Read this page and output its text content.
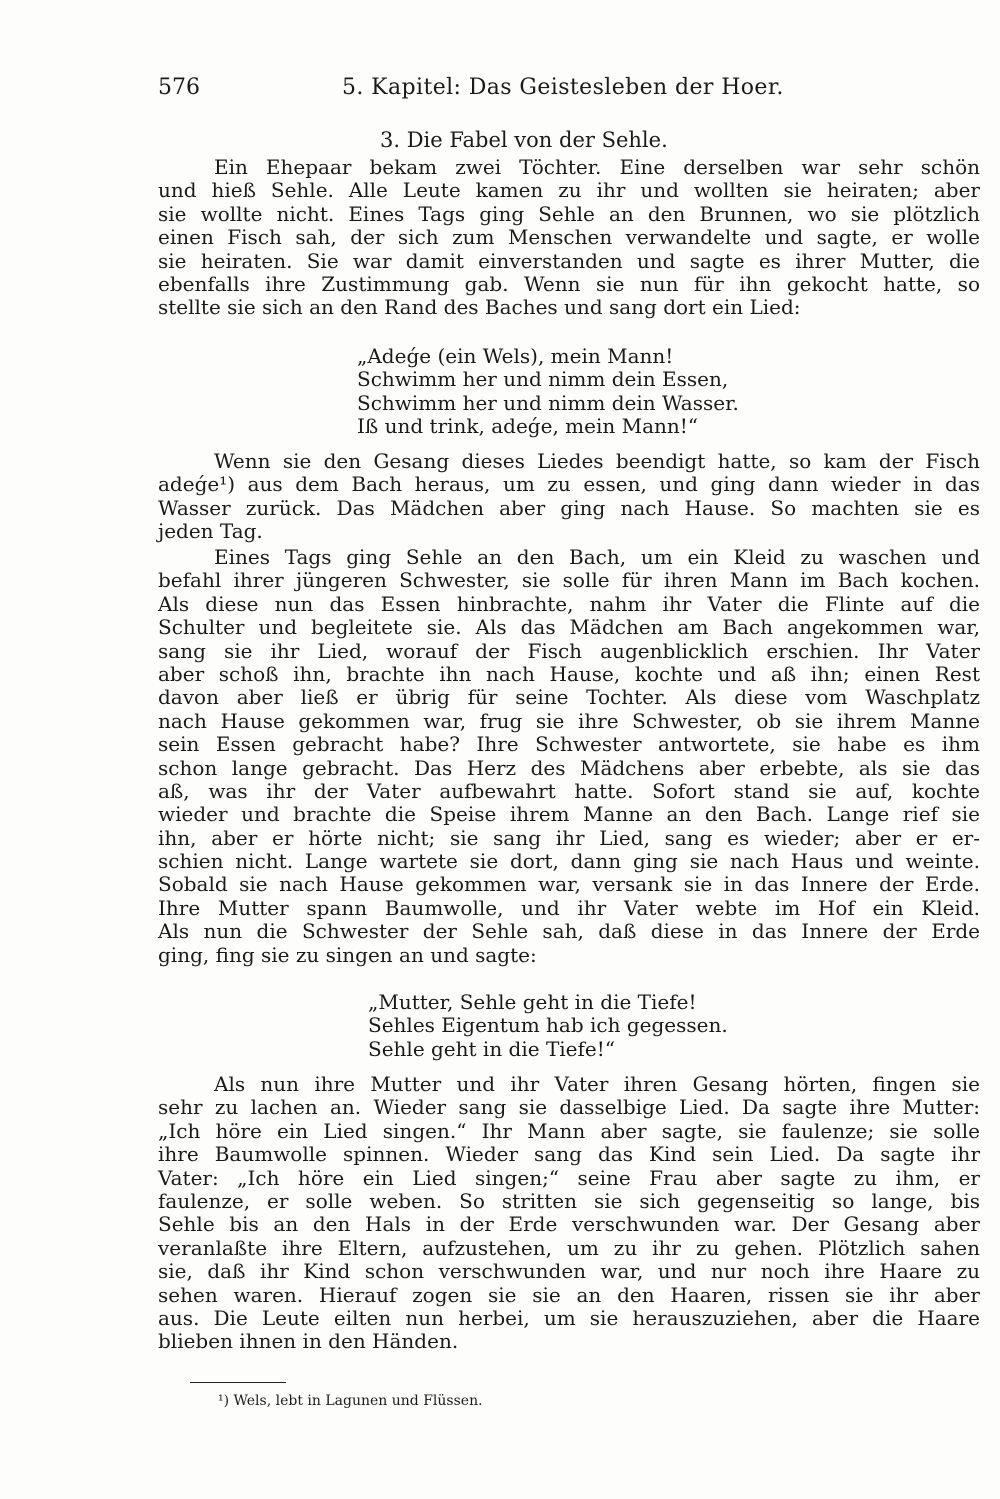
576	5. Kapitel: Das Geistesleben der Hoer.
3. Die Fabel von der Sehle.
Ein Ehepaar bekam zwei Töchter. Eine derselben war sehr schön
und hieß Sehle. Alle Leute kamen zu ihr und wollten sie heiraten; aber
sie wollte nicht. Eines Tags ging Sehle an den Brunnen, wo sie plötzlich
einen Fisch sah, der sich zum Menschen verwandelte und sagte, er wolle
sie heiraten. Sie war damit einverstanden und sagte es ihrer Mutter, die
ebenfalls ihre Zustimmung gab. Wenn sie nun für ihn gekocht hatte, so
stellte sie sich an den Rand des Baches und sang dort ein Lied:
„Adeǵe (ein Wels), mein Mann!
Schwimm her und nimm dein Essen,
Schwimm her und nimm dein Wasser.
Iß und trink, adeǵe, mein Mann!“
Wenn sie den Gesang dieses Liedes beendigt hatte, so kam der Fisch
adeǵe¹) aus dem Bach heraus, um zu essen, und ging dann wieder in das
Wasser zurück. Das Mädchen aber ging nach Hause. So machten sie es
jeden Tag.
Eines Tags ging Sehle an den Bach, um ein Kleid zu waschen und
befahl ihrer jüngeren Schwester, sie solle für ihren Mann im Bach kochen.
Als diese nun das Essen hinbrachte, nahm ihr Vater die Flinte auf die
Schulter und begleitete sie. Als das Mädchen am Bach angekommen war,
sang sie ihr Lied, worauf der Fisch augenblicklich erschien. Ihr Vater
aber schoß ihn, brachte ihn nach Hause, kochte und aß ihn; einen Rest
davon aber ließ er übrig für seine Tochter. Als diese vom Waschplatz
nach Hause gekommen war, frug sie ihre Schwester, ob sie ihrem Manne
sein Essen gebracht habe? Ihre Schwester antwortete, sie habe es ihm
schon lange gebracht. Das Herz des Mädchens aber erbebte, als sie das
aß, was ihr der Vater aufbewahrt hatte. Sofort stand sie auf, kochte
wieder und brachte die Speise ihrem Manne an den Bach. Lange rief sie
ihn, aber er hörte nicht; sie sang ihr Lied, sang es wieder; aber er er-
schien nicht. Lange wartete sie dort, dann ging sie nach Haus und weinte.
Sobald sie nach Hause gekommen war, versank sie in das Innere der Erde.
Ihre Mutter spann Baumwolle, und ihr Vater webte im Hof ein Kleid.
Als nun die Schwester der Sehle sah, daß diese in das Innere der Erde
ging, fing sie zu singen an und sagte:
„Mutter, Sehle geht in die Tiefe!
Sehles Eigentum hab ich gegessen.
Sehle geht in die Tiefe!“
Als nun ihre Mutter und ihr Vater ihren Gesang hörten, fingen sie
sehr zu lachen an. Wieder sang sie dasselbige Lied. Da sagte ihre Mutter:
„Ich höre ein Lied singen.“ Ihr Mann aber sagte, sie faulenze; sie solle
ihre Baumwolle spinnen. Wieder sang das Kind sein Lied. Da sagte ihr
Vater: „Ich höre ein Lied singen;“ seine Frau aber sagte zu ihm, er
faulenze, er solle weben. So stritten sie sich gegenseitig so lange, bis
Sehle bis an den Hals in der Erde verschwunden war. Der Gesang aber
veranlaßte ihre Eltern, aufzustehen, um zu ihr zu gehen. Plötzlich sahen
sie, daß ihr Kind schon verschwunden war, und nur noch ihre Haare zu
sehen waren. Hierauf zogen sie sie an den Haaren, rissen sie ihr aber
aus. Die Leute eilten nun herbei, um sie herauszuziehen, aber die Haare
blieben ihnen in den Händen.
¹) Wels, lebt in Lagunen und Flüssen.
